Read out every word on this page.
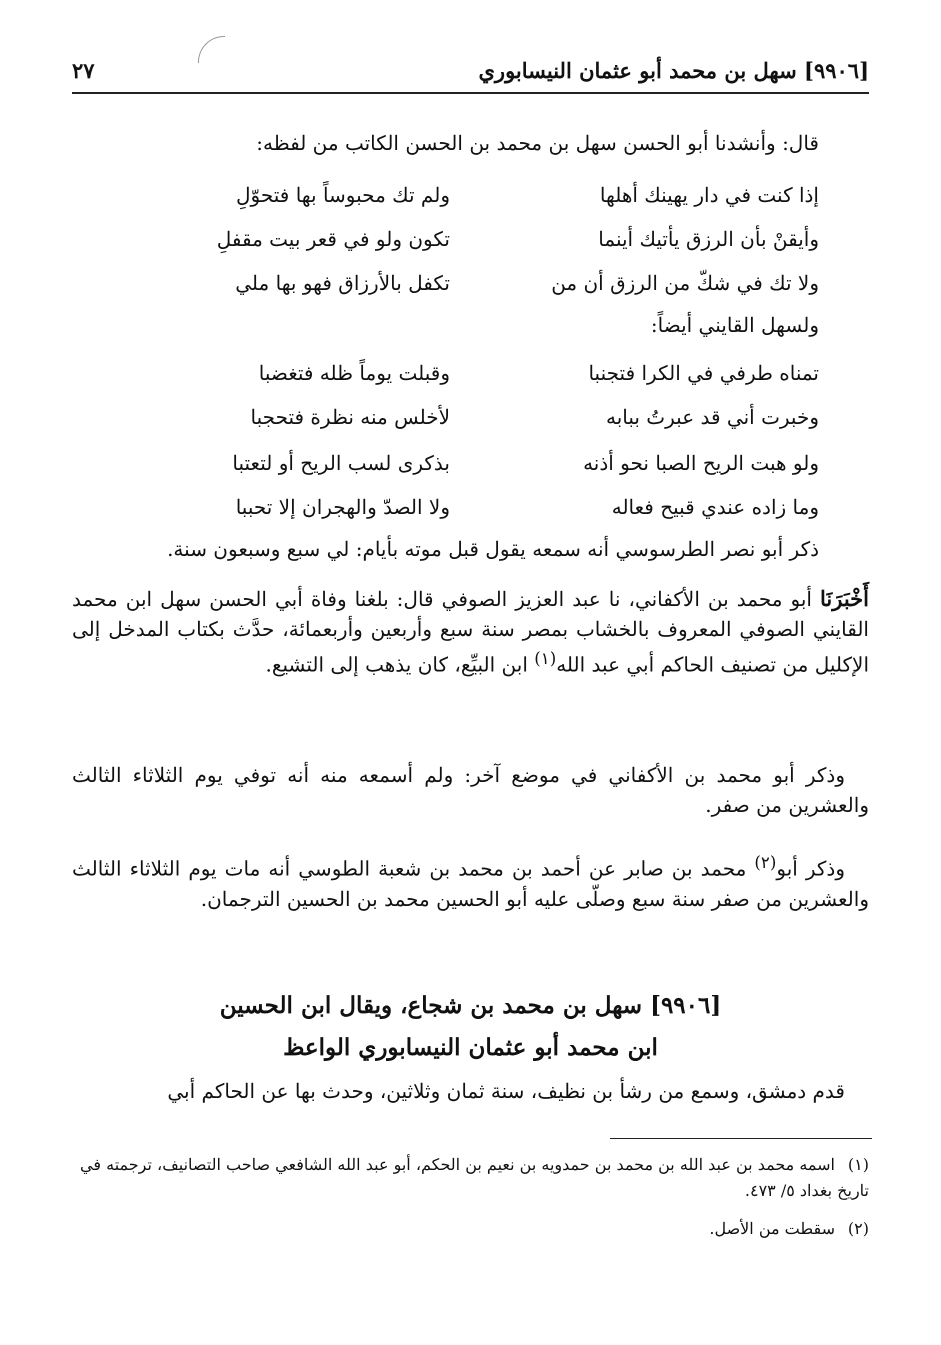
[٩٩٠٦] سهل بن محمد أبو عثمان النيسابوري
٢٧
قال: وأنشدنا أبو الحسن سهل بن محمد بن الحسن الكاتب من لفظه:
إذا كنت في دار يهينك أهلها
ولم تك محبوساً بها فتحوّلِ
وأيقنْ بأن الرزق يأتيك أينما
تكون ولو في قعر بيت مقفلِ
ولا تك في شكّ من الرزق أن من
تكفل بالأرزاق فهو بها ملي
ولسهل القايني أيضاً:
تمناه طرفي في الكرا فتجنبا
وقبلت يوماً ظله فتغضبا
وخبرت أني قد عبرتُ ببابه
لأخلس منه نظرة فتحجبا
ولو هبت الريح الصبا نحو أذنه
بذكرى لسب الريح أو لتعتبا
وما زاده عندي قبيح فعاله
ولا الصدّ والهجران إلا تحببا
ذكر أبو نصر الطرسوسي أنه سمعه يقول قبل موته بأيام: لي سبع وسبعون سنة.
أَخْبَرَنَا أبو محمد بن الأكفاني، نا عبد العزيز الصوفي قال: بلغنا وفاة أبي الحسن سهل ابن محمد القايني الصوفي المعروف بالخشاب بمصر سنة سبع وأربعين وأربعمائة، حدَّث بكتاب المدخل إلى الإكليل من تصنيف الحاكم أبي عبد الله$^{(١)}$ ابن البيِّع، كان يذهب إلى التشيع.
وذكر أبو محمد بن الأكفاني في موضع آخر: ولم أسمعه منه أنه توفي يوم الثلاثاء الثالث والعشرين من صفر.
وذكر أبو$^{(٢)}$ محمد بن صابر عن أحمد بن محمد بن شعبة الطوسي أنه مات يوم الثلاثاء الثالث والعشرين من صفر سنة سبع وصلّى عليه أبو الحسين محمد بن الحسين الترجمان.
[٩٩٠٦] سهل بن محمد بن شجاع، ويقال ابن الحسين
ابن محمد أبو عثمان النيسابوري الواعظ
قدم دمشق، وسمع من رشأ بن نظيف، سنة ثمان وثلاثين، وحدث بها عن الحاكم أبي
(١)اسمه محمد بن عبد الله بن محمد بن حمدويه بن نعيم بن الحكم، أبو عبد الله الشافعي صاحب التصانيف، ترجمته في تاريخ بغداد ٥/ ٤٧٣.
(٢)سقطت من الأصل.
